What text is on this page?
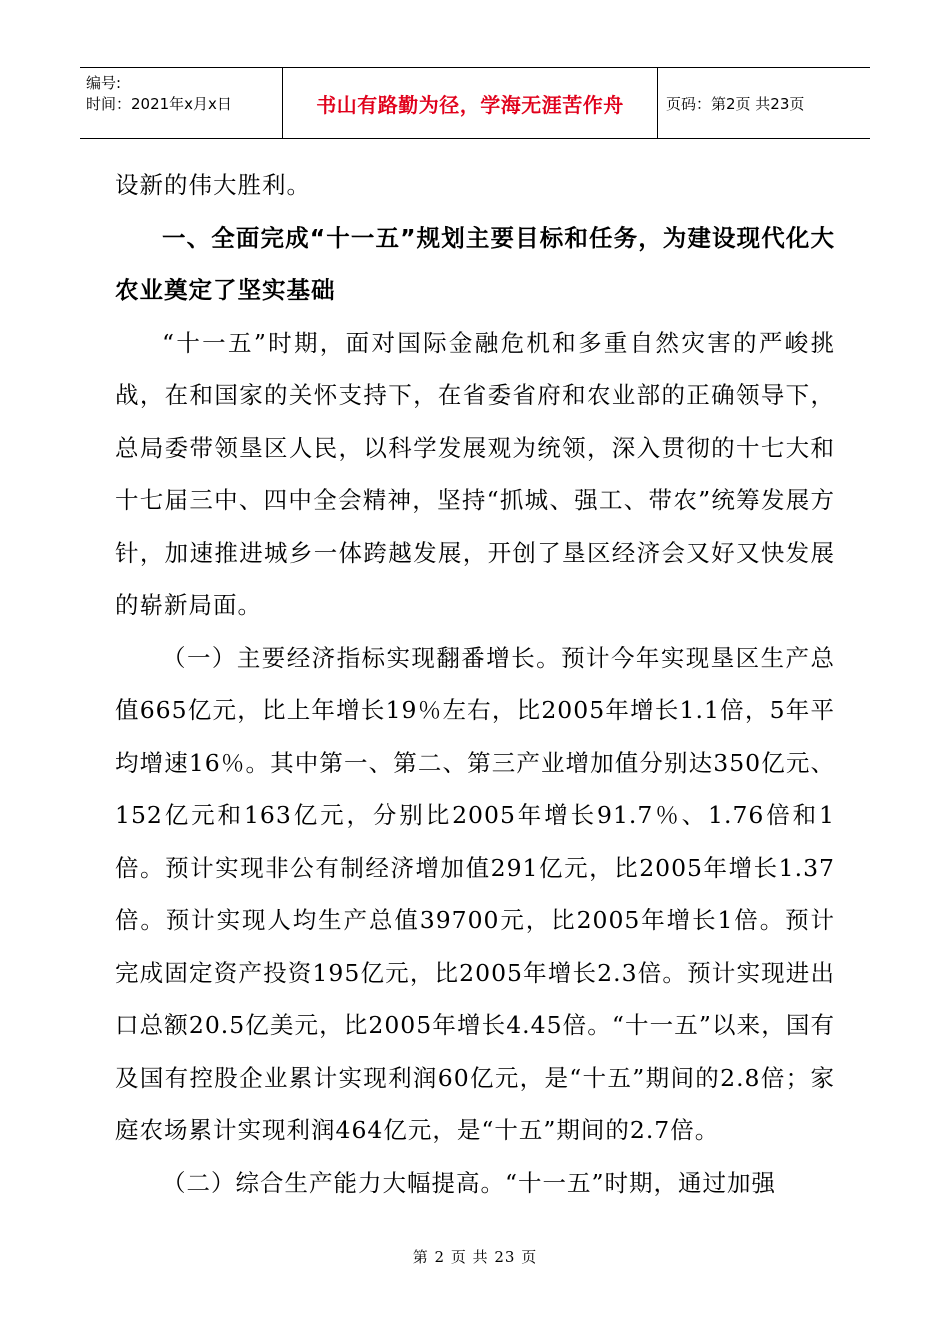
编号:
时间：2021年x月x日	书山有路勤为径，学海无涯苦作舟	页码：第2页 共23页

设新的伟大胜利。

一、全面完成“十一五”规划主要目标和任务，为建设现代化大农业奠定了坚实基础

“十一五”时期，面对国际金融危机和多重自然灾害的严峻挑战，在和国家的关怀支持下，在省委省府和农业部的正确领导下，总局委带领垦区人民，以科学发展观为统领，深入贯彻的十七大和十七届三中、四中全会精神，坚持“抓城、强工、带农”统筹发展方针，加速推进城乡一体跨越发展，开创了垦区经济会又好又快发展的崭新局面。

（一）主要经济指标实现翻番增长。预计今年实现垦区生产总值665亿元，比上年增长19％左右，比2005年增长1.1倍，5年平均增速16％。其中第一、第二、第三产业增加值分别达350亿元、152亿元和163亿元，分别比2005年增长91.7％、1.76倍和1倍。预计实现非公有制经济增加值291亿元，比2005年增长1.37倍。预计实现人均生产总值39700元，比2005年增长1倍。预计完成固定资产投资195亿元，比2005年增长2.3倍。预计实现进出口总额20.5亿美元，比2005年增长4.45倍。“十一五”以来，国有及国有控股企业累计实现利润60亿元，是“十五”期间的2.8倍；家庭农场累计实现利润464亿元，是“十五”期间的2.7倍。

（二）综合生产能力大幅提高。“十一五”时期，通过加强

第 2 页 共 23 页
